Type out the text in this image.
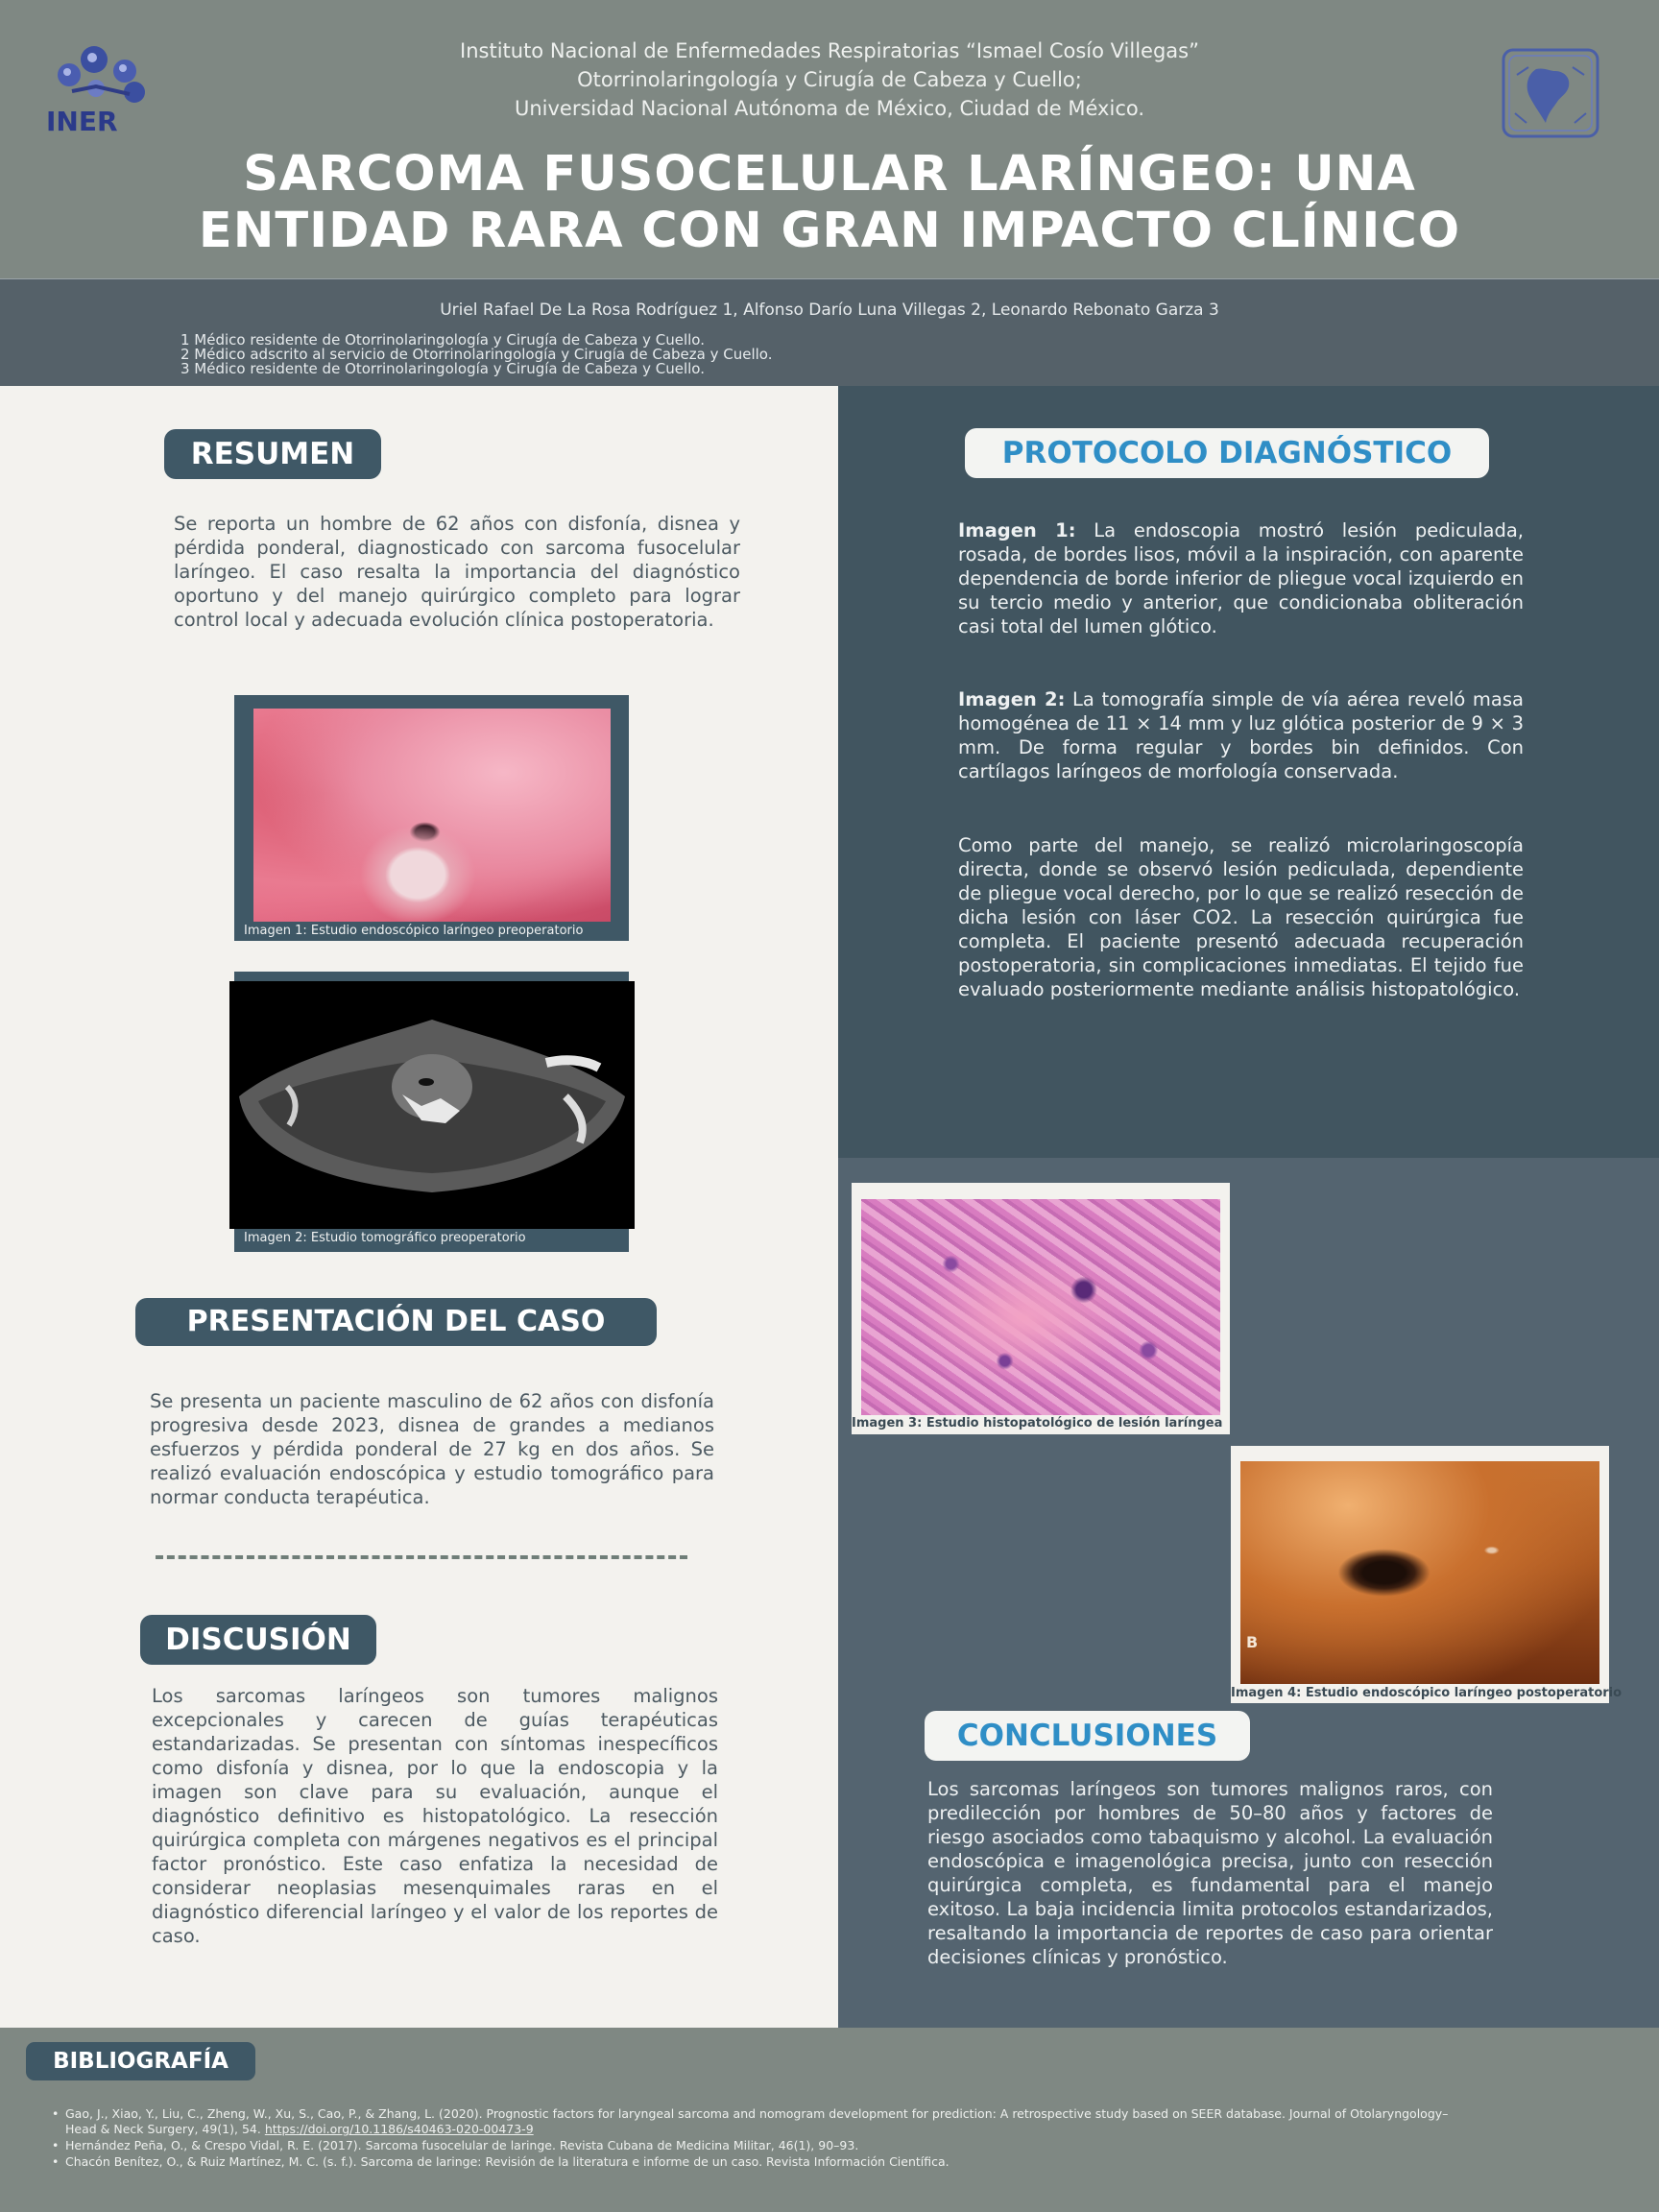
INER
Instituto Nacional de Enfermedades Respiratorias “Ismael Cosío Villegas”
Otorrinolaringología y Cirugía de Cabeza y Cuello;
Universidad Nacional Autónoma de México, Ciudad de México.
SARCOMA FUSOCELULAR LARÍNGEO: UNA
ENTIDAD RARA CON GRAN IMPACTO CLÍNICO
Uriel Rafael De La Rosa Rodríguez 1, Alfonso Darío Luna Villegas 2, Leonardo Rebonato Garza 3
1 Médico residente de Otorrinolaringología y Cirugía de Cabeza y Cuello.
2 Médico adscrito al servicio de Otorrinolaringología y Cirugía de Cabeza y Cuello.
3 Médico residente de Otorrinolaringología y Cirugía de Cabeza y Cuello.
RESUMEN
Se reporta un hombre de 62 años con disfonía, disnea y pérdida ponderal, diagnosticado con sarcoma fusocelular laríngeo. El caso resalta la importancia del diagnóstico oportuno y del manejo quirúrgico completo para lograr control local y adecuada evolución clínica postoperatoria.
Imagen 1: Estudio endoscópico laríngeo preoperatorio
Imagen 2: Estudio tomográfico preoperatorio
PRESENTACIÓN DEL CASO
Se presenta un paciente masculino de 62 años con disfonía progresiva desde 2023, disnea de grandes a medianos esfuerzos y pérdida ponderal de 27 kg en dos años. Se realizó evaluación endoscópica y estudio tomográfico para normar conducta terapéutica.
DISCUSIÓN
Los sarcomas laríngeos son tumores malignos excepcionales y carecen de guías terapéuticas estandarizadas. Se presentan con síntomas inespecíficos como disfonía y disnea, por lo que la endoscopia y la imagen son clave para su evaluación, aunque el diagnóstico definitivo es histopatológico. La resección quirúrgica completa con márgenes negativos es el principal factor pronóstico. Este caso enfatiza la necesidad de considerar neoplasias mesenquimales raras en el diagnóstico diferencial laríngeo y el valor de los reportes de caso.
PROTOCOLO DIAGNÓSTICO
Imagen 1: La endoscopia mostró lesión pediculada, rosada, de bordes lisos, móvil a la inspiración, con aparente dependencia de borde inferior de pliegue vocal izquierdo en su tercio medio y anterior, que condicionaba obliteración casi total del lumen glótico.
Imagen 2: La tomografía simple de vía aérea reveló masa homogénea de 11 × 14 mm y luz glótica posterior de 9 × 3 mm. De forma regular y bordes bin definidos. Con cartílagos laríngeos de morfología conservada.
Como parte del manejo, se realizó microlaringoscopía directa, donde se observó lesión pediculada, dependiente de pliegue vocal derecho, por lo que se realizó resección de dicha lesión con láser CO2. La resección quirúrgica fue completa. El paciente presentó adecuada recuperación postoperatoria, sin complicaciones inmediatas. El tejido fue evaluado posteriormente mediante análisis histopatológico.
Imagen 3: Estudio histopatológico de lesión laríngea
B
Imagen 4: Estudio endoscópico laríngeo postoperatorio
CONCLUSIONES
Los sarcomas laríngeos son tumores malignos raros, con predilección por hombres de 50–80 años y factores de riesgo asociados como tabaquismo y alcohol. La evaluación endoscópica e imagenológica precisa, junto con resección quirúrgica completa, es fundamental para el manejo exitoso. La baja incidencia limita protocolos estandarizados, resaltando la importancia de reportes de caso para orientar decisiones clínicas y pronóstico.
BIBLIOGRAFÍA
• Gao, J., Xiao, Y., Liu, C., Zheng, W., Xu, S., Cao, P., & Zhang, L. (2020). Prognostic factors for laryngeal sarcoma and nomogram development for prediction: A retrospective study based on SEER database. Journal of Otolaryngology–Head & Neck Surgery, 49(1), 54. https://doi.org/10.1186/s40463-020-00473-9
• Hernández Peña, O., & Crespo Vidal, R. E. (2017). Sarcoma fusocelular de laringe. Revista Cubana de Medicina Militar, 46(1), 90–93.
• Chacón Benítez, O., & Ruiz Martínez, M. C. (s. f.). Sarcoma de laringe: Revisión de la literatura e informe de un caso. Revista Información Científica.
